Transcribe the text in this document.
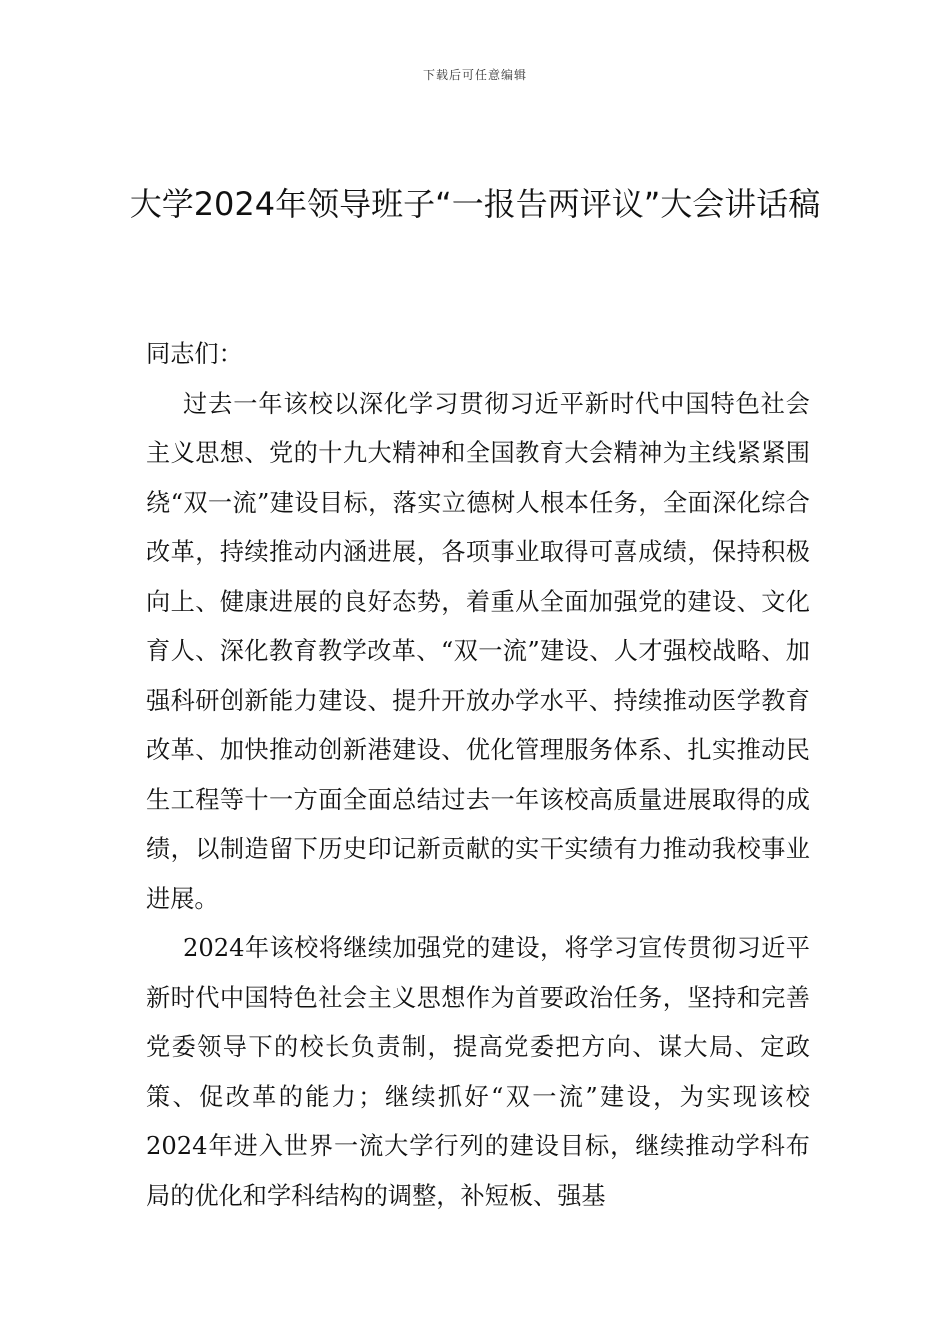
下载后可任意编辑
大学2024年领导班子“一报告两评议”大会讲话稿

同志们：

过去一年该校以深化学习贯彻习近平新时代中国特色社会主义思想、党的十九大精神和全国教育大会精神为主线紧紧围绕“双一流”建设目标，落实立德树人根本任务，全面深化综合改革，持续推动内涵进展，各项事业取得可喜成绩，保持积极向上、健康进展的良好态势，着重从全面加强党的建设、文化育人、深化教育教学改革、“双一流”建设、人才强校战略、加强科研创新能力建设、提升开放办学水平、持续推动医学教育改革、加快推动创新港建设、优化管理服务体系、扎实推动民生工程等十一方面全面总结过去一年该校高质量进展取得的成绩，以制造留下历史印记新贡献的实干实绩有力推动我校事业进展。

2024年该校将继续加强党的建设，将学习宣传贯彻习近平新时代中国特色社会主义思想作为首要政治任务，坚持和完善党委领导下的校长负责制，提高党委把方向、谋大局、定政策、促改革的能力；继续抓好“双一流”建设，为实现该校2024年进入世界一流大学行列的建设目标，继续推动学科布局的优化和学科结构的调整，补短板、强基
